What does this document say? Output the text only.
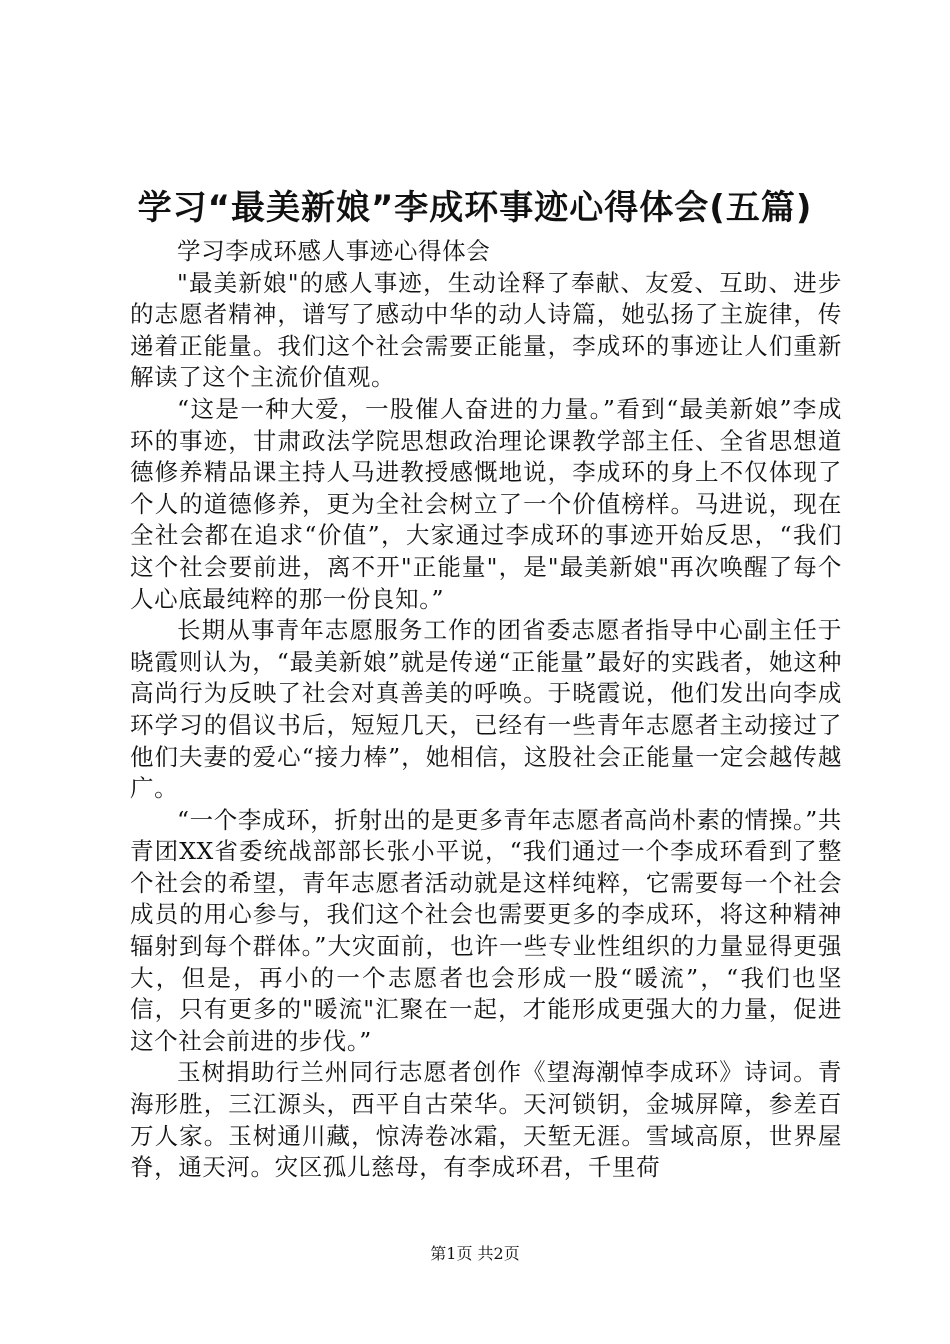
学习“最美新娘”李成环事迹心得体会(五篇)

学习李成环感人事迹心得体会

"最美新娘"的感人事迹，生动诠释了奉献、友爱、互助、进步的志愿者精神，谱写了感动中华的动人诗篇，她弘扬了主旋律，传递着正能量。我们这个社会需要正能量，李成环的事迹让人们重新解读了这个主流价值观。

“这是一种大爱，一股催人奋进的力量。”看到“最美新娘”李成环的事迹，甘肃政法学院思想政治理论课教学部主任、全省思想道德修养精品课主持人马进教授感慨地说，李成环的身上不仅体现了个人的道德修养，更为全社会树立了一个价值榜样。马进说，现在全社会都在追求“价值”，大家通过李成环的事迹开始反思，“我们这个社会要前进，离不开"正能量"，是"最美新娘"再次唤醒了每个人心底最纯粹的那一份良知。”

长期从事青年志愿服务工作的团省委志愿者指导中心副主任于晓霞则认为，“最美新娘”就是传递“正能量”最好的实践者，她这种高尚行为反映了社会对真善美的呼唤。于晓霞说，他们发出向李成环学习的倡议书后，短短几天，已经有一些青年志愿者主动接过了他们夫妻的爱心“接力棒”，她相信，这股社会正能量一定会越传越广。

“一个李成环，折射出的是更多青年志愿者高尚朴素的情操。”共青团XX省委统战部部长张小平说，“我们通过一个李成环看到了整个社会的希望，青年志愿者活动就是这样纯粹，它需要每一个社会成员的用心参与，我们这个社会也需要更多的李成环，将这种精神辐射到每个群体。”大灾面前，也许一些专业性组织的力量显得更强大，但是，再小的一个志愿者也会形成一股“暖流”，“我们也坚信，只有更多的"暖流"汇聚在一起，才能形成更强大的力量，促进这个社会前进的步伐。”

玉树捐助行兰州同行志愿者创作《望海潮悼李成环》诗词。青海形胜，三江源头，西平自古荣华。天河锁钥，金城屏障，参差百万人家。玉树通川藏，惊涛卷冰霜，天堑无涯。雪域高原，世界屋脊，通天河。灾区孤儿慈母，有李成环君，千里荷

第1页 共2页
